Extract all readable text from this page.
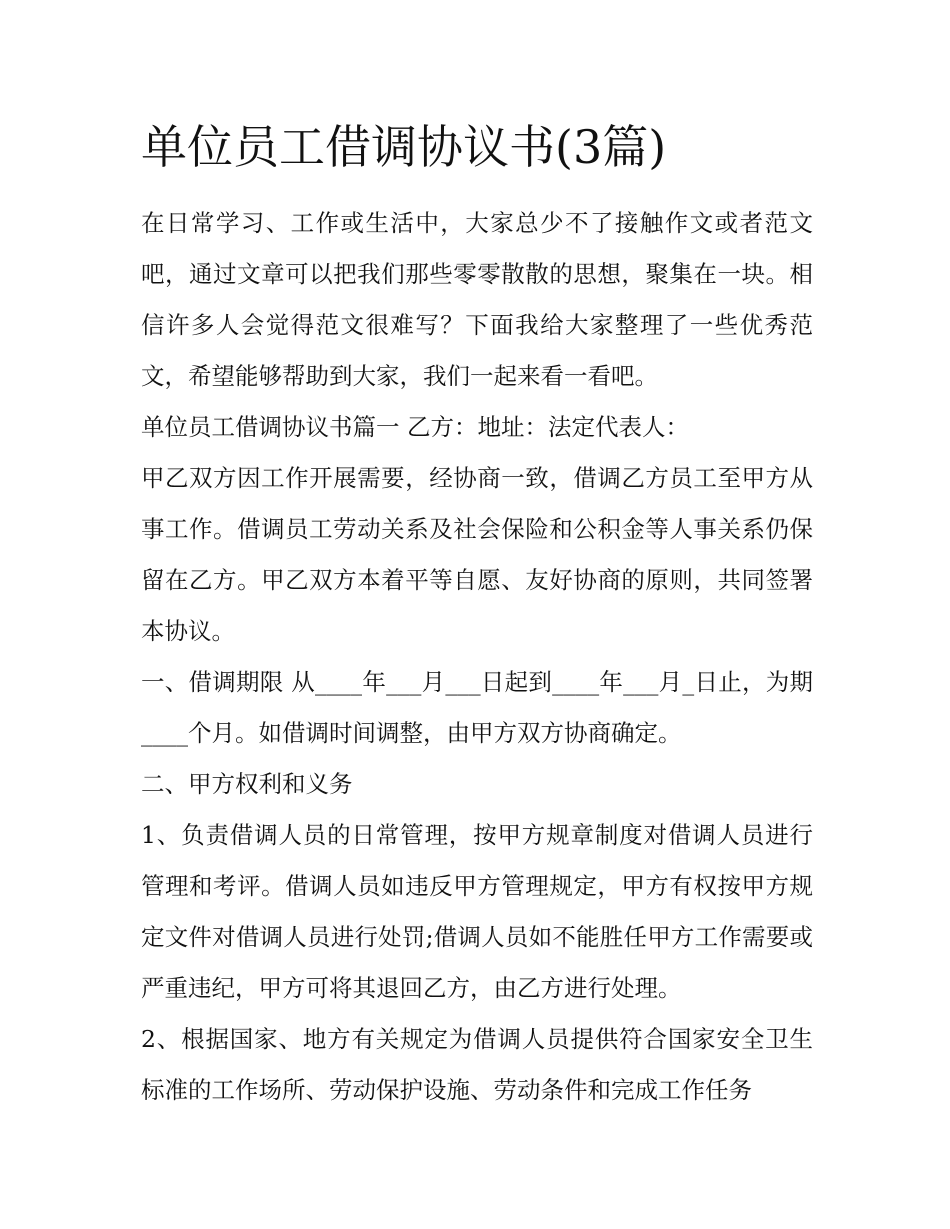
单位员工借调协议书(3篇)

在日常学习、工作或生活中，大家总少不了接触作文或者范文吧，通过文章可以把我们那些零零散散的思想，聚集在一块。相信许多人会觉得范文很难写？下面我给大家整理了一些优秀范文，希望能够帮助到大家，我们一起来看一看吧。

单位员工借调协议书篇一 乙方：地址：法定代表人：

甲乙双方因工作开展需要，经协商一致，借调乙方员工至甲方从事工作。借调员工劳动关系及社会保险和公积金等人事关系仍保留在乙方。甲乙双方本着平等自愿、友好协商的原则，共同签署本协议。

一、借调期限 从____年___月___日起到____年___月_日止，为期____个月。如借调时间调整，由甲方双方协商确定。

二、甲方权利和义务

1、负责借调人员的日常管理，按甲方规章制度对借调人员进行管理和考评。借调人员如违反甲方管理规定，甲方有权按甲方规定文件对借调人员进行处罚;借调人员如不能胜任甲方工作需要或严重违纪，甲方可将其退回乙方，由乙方进行处理。

2、根据国家、地方有关规定为借调人员提供符合国家安全卫生标准的工作场所、劳动保护设施、劳动条件和完成工作任务
